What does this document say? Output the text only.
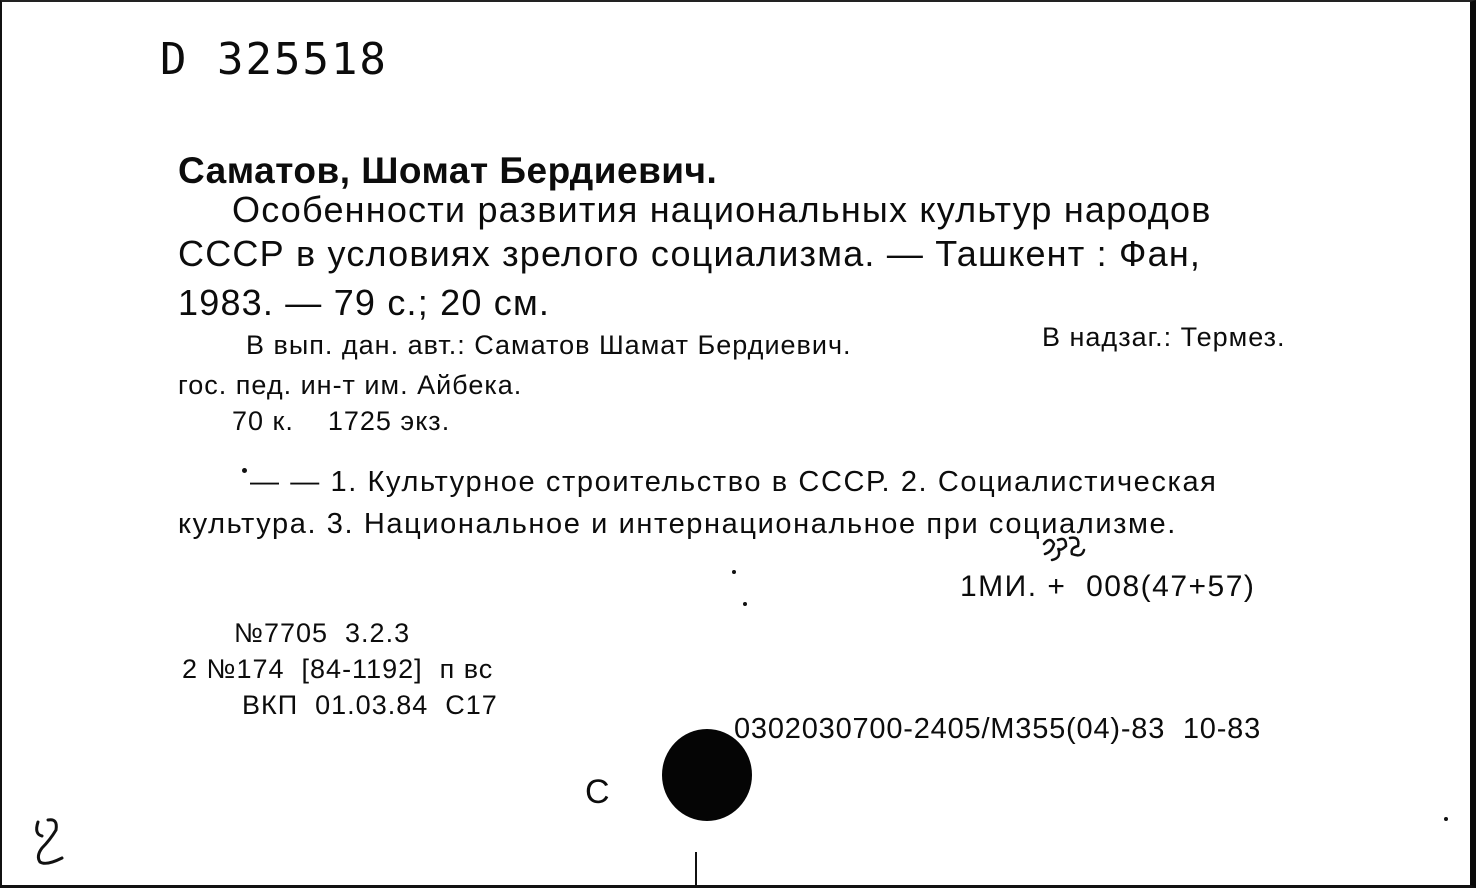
D 325518
Саматов, Шомат Бердиевич.
Особенности развития национальных культур народов
СССР в условиях зрелого социализма. — Ташкент : Фан,
1983. — 79 с.; 20 см.
В вып. дан. авт.: Саматов Шамат Бердиевич.	В надзаг.: Термез.
гос. пед. ин-т им. Айбека.
70 к.    1725 экз.
— — 1. Культурное строительство в СССР. 2. Социалистическая
культура. 3. Национальное и интернациональное при социализме.
1МИ. +  008(47+57)
№7705  3.2.3
2 №174  [84-1192]  п вс
ВКП  01.03.84  С17
0302030700-2405/М355(04)-83  10-83
С
